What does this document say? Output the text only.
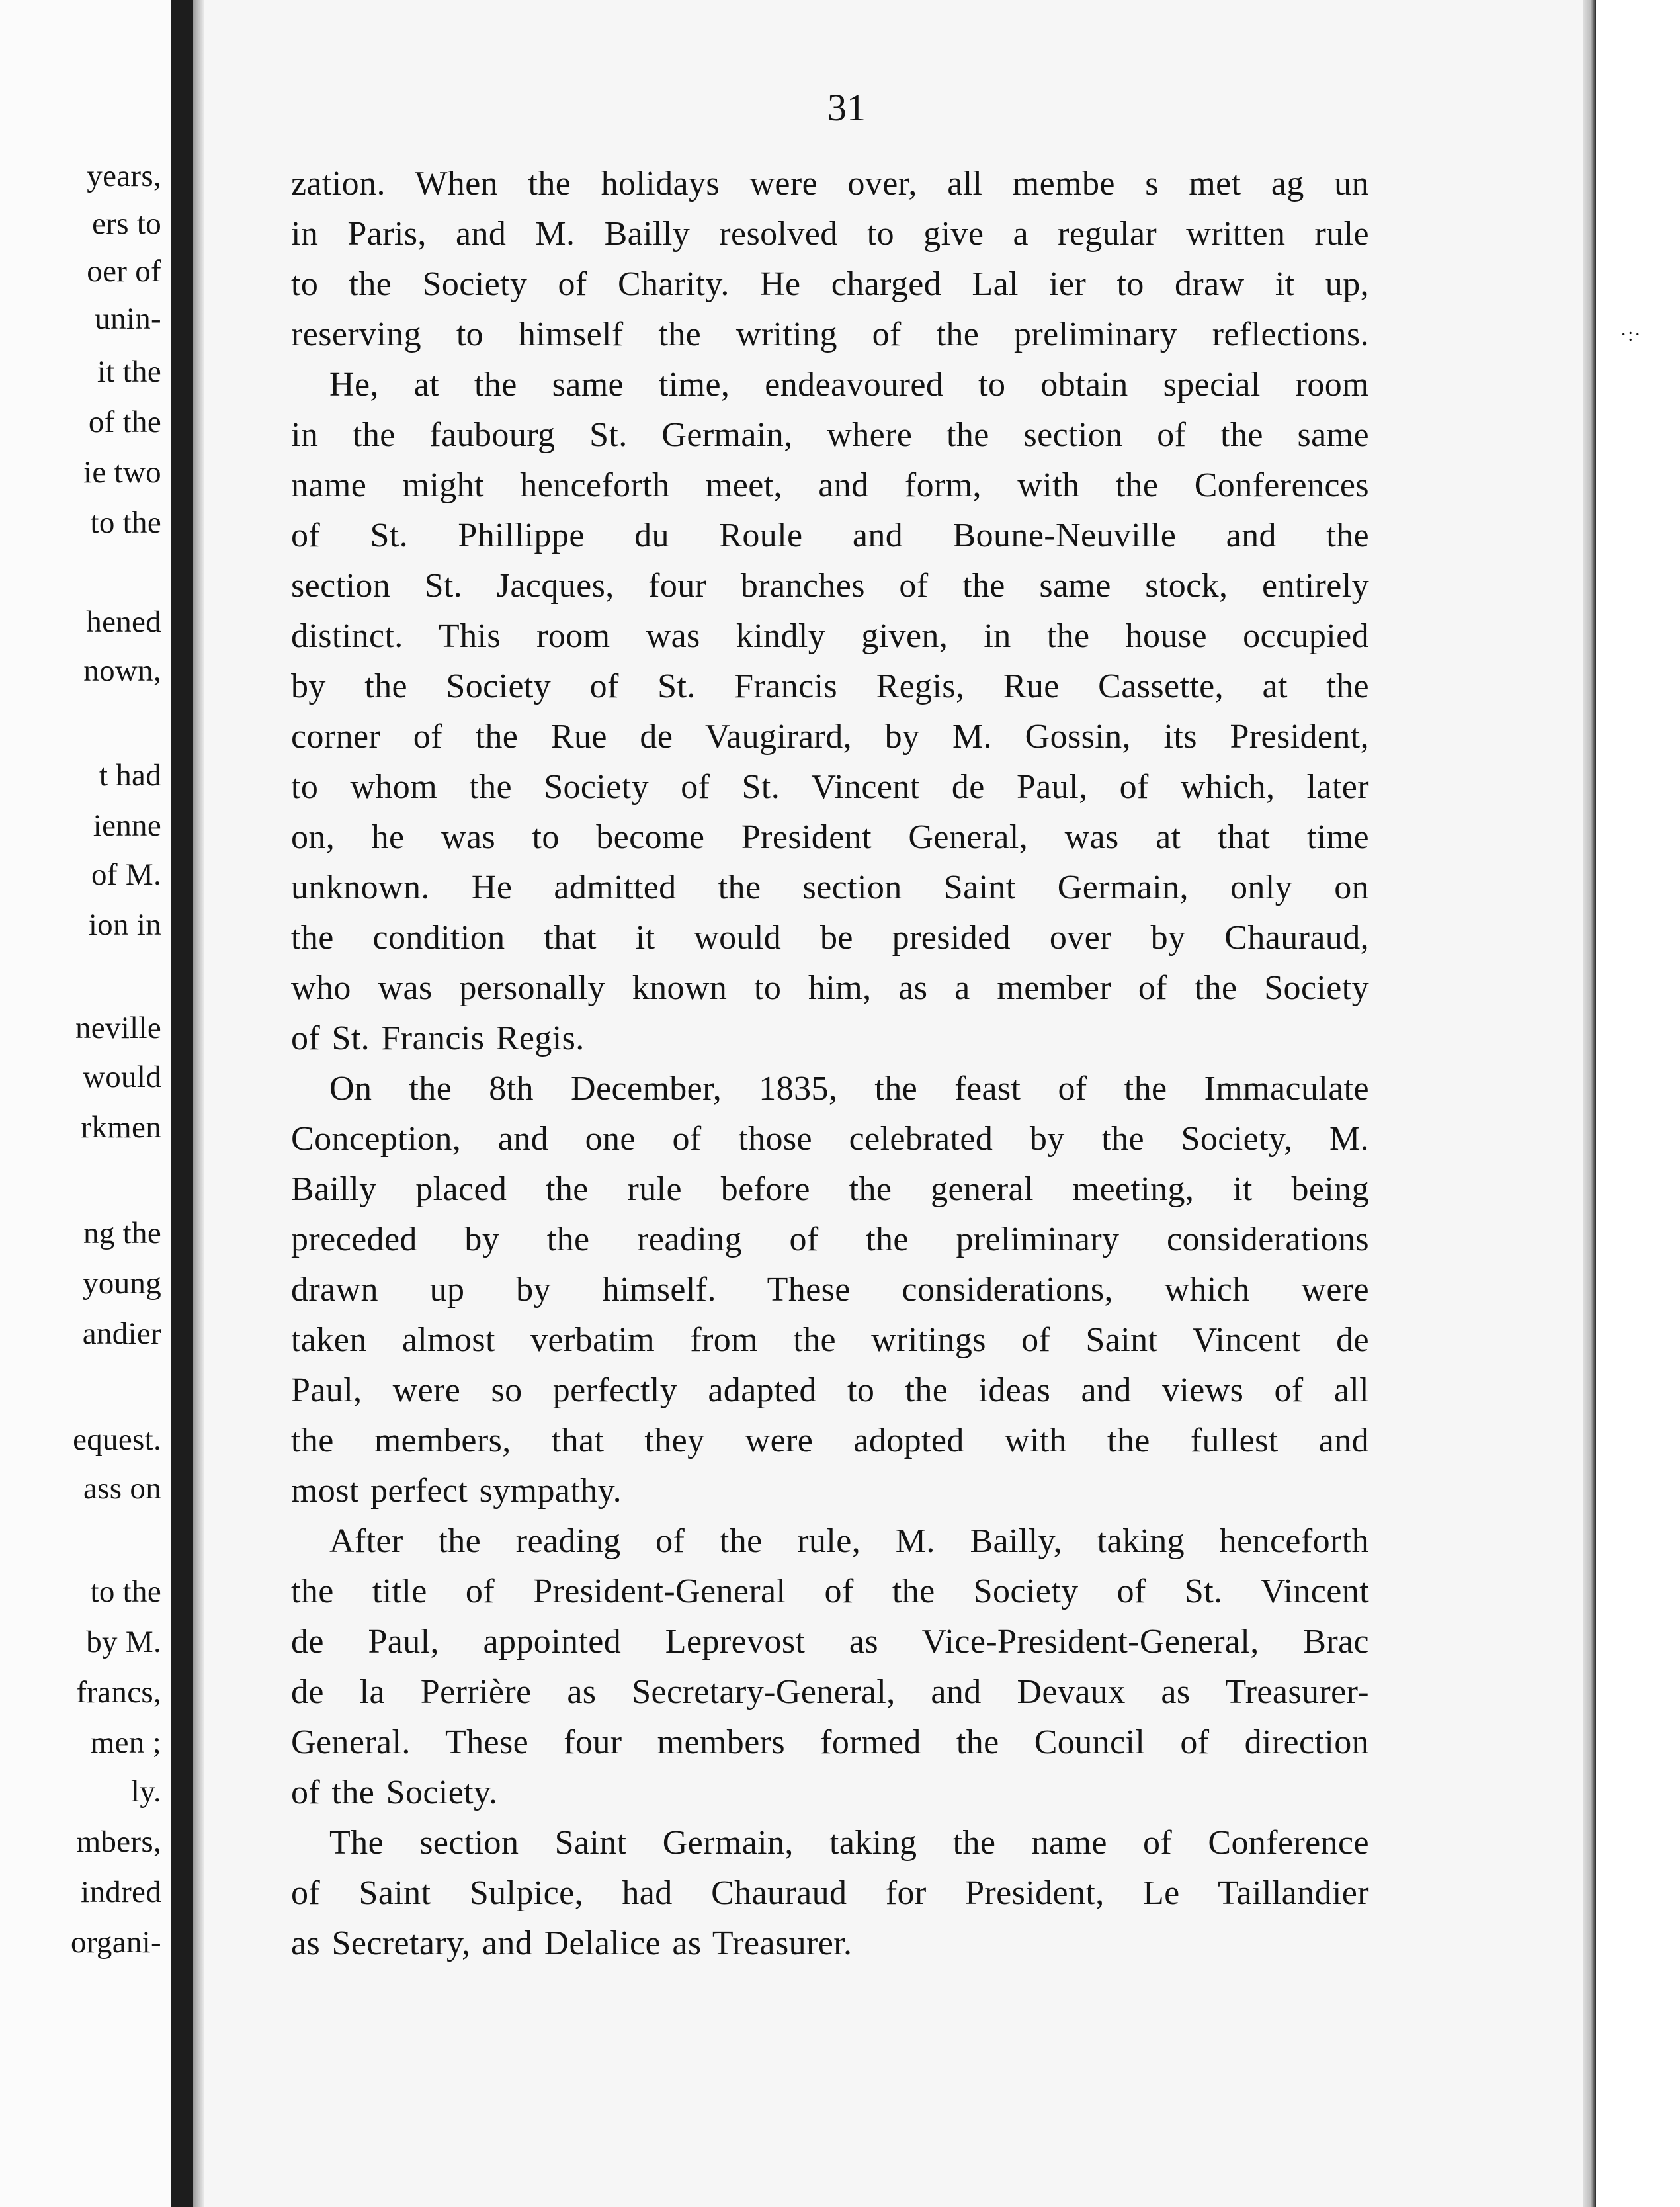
years,
ers to
oer of
unin-
it the
of the
ie two
to the
hened
nown,
t had
ienne
of M.
ion in
neville
would
rkmen
ng the
young
andier
equest.
ass on
to the
by M.
francs,
men ;
ly.
mbers,
indred
organi-
·:·
31
zation. When the holidays were over, all membe s met ag un
in Paris, and M. Bailly resolved to give a regular written rule
to the Society of Charity. He charged Lal ier to draw it up,
reserving to himself the writing of the preliminary reflections.
He, at the same time, endeavoured to obtain special room
in the faubourg St. Germain, where the section of the same
name might henceforth meet, and form, with the Conferences
of St. Phillippe du Roule and Boune-Neuville and the
section St. Jacques, four branches of the same stock, entirely
distinct. This room was kindly given, in the house occupied
by the Society of St. Francis Regis, Rue Cassette, at the
corner of the Rue de Vaugirard, by M. Gossin, its President,
to whom the Society of St. Vincent de Paul, of which, later
on, he was to become President General, was at that time
unknown. He admitted the section Saint Germain, only on
the condition that it would be presided over by Chauraud,
who was personally known to him, as a member of the Society
of St. Francis Regis.
On the 8th December, 1835, the feast of the Immaculate
Conception, and one of those celebrated by the Society, M.
Bailly placed the rule before the general meeting, it being
preceded by the reading of the preliminary considerations
drawn up by himself. These considerations, which were
taken almost verbatim from the writings of Saint Vincent de
Paul, were so perfectly adapted to the ideas and views of all
the members, that they were adopted with the fullest and
most perfect sympathy.
After the reading of the rule, M. Bailly, taking henceforth
the title of President-General of the Society of St. Vincent
de Paul, appointed Leprevost as Vice-President-General, Brac
de la Perrière as Secretary-General, and Devaux as Treasurer-
General. These four members formed the Council of direction
of the Society.
The section Saint Germain, taking the name of Conference
of Saint Sulpice, had Chauraud for President, Le Taillandier
as Secretary, and Delalice as Treasurer.
